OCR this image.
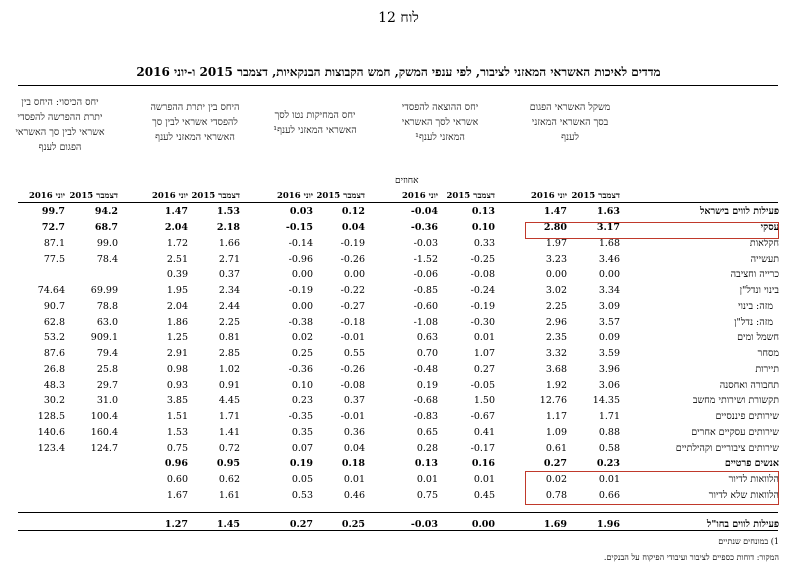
לוח 12
מדדים לאיכות האשראי המאזני לציבור, לפי ענפי המשק, חמש הקבוצות הבנקאיות, דצמבר 2015 ו-יוני 2016
משקל האשראי הפגום
בסך האשראי המאזני
לענף
יחס ההוצאה להפסדי
אשראי לסך האשראי
המאזני לענף¹
יחס המחיקות נטו לסך
האשראי המאזני לענף¹
היחס בין יתרת ההפרשה
להפסדי אשראי לבין סך
האשראי המאזני לענף
יחס הכיסוי: היחס בין
יתרת ההפרשה להפסדי
אשראי לבין סך האשראי
הפגום לענף
אחוזים
דצמבר 2015
יוני 2016
דצמבר 2015
יוני 2016
דצמבר 2015
יוני 2016
דצמבר 2015
יוני 2016
דצמבר 2015
יוני 2016
פעילות לווים בישראל
1.63
1.47
0.13
-0.04
0.12
0.03
1.53
1.47
94.2
99.7
עסקי
3.17
2.80
0.10
-0.36
0.04
-0.15
2.18
2.04
68.7
72.7
חקלאות
1.68
1.97
0.33
-0.03
-0.19
-0.14
1.66
1.72
99.0
87.1
תעשייה
3.46
3.23
-0.25
-1.52
-0.26
-0.96
2.71
2.51
78.4
77.5
כרייה וחציבה
0.00
0.00
-0.08
-0.06
0.00
0.00
0.37
0.39
בינוי ונדל"ן
3.34
3.02
-0.24
-0.85
-0.22
-0.19
2.34
1.95
69.99
74.64
מזה: בינוי
3.09
2.25
-0.19
-0.60
-0.27
0.00
2.44
2.04
78.8
90.7
מזה: נדל"ן
3.57
2.96
-0.30
-1.08
-0.18
-0.38
2.25
1.86
63.0
62.8
חשמל ומים
0.09
2.35
0.01
0.63
-0.01
0.02
0.81
1.25
909.1
53.2
מסחר
3.59
3.32
1.07
0.70
0.55
0.25
2.85
2.91
79.4
87.6
תיירות
3.96
3.68
0.27
-0.48
-0.26
-0.36
1.02
0.98
25.8
26.8
תחבורה ואחסנה
3.06
1.92
-0.05
0.19
-0.08
0.10
0.91
0.93
29.7
48.3
תקשורת ושירותי מחשב
14.35
12.76
1.50
-0.68
0.37
0.23
4.45
3.85
31.0
30.2
שירותים פיננסיים
1.71
1.17
-0.67
-0.83
-0.01
-0.35
1.71
1.51
100.4
128.5
שירותים עסקיים אחרים
0.88
1.09
0.41
0.65
0.36
0.35
1.41
1.53
160.4
140.6
שירותים ציבוריים וקהילתיים
0.58
0.61
-0.17
0.28
0.04
0.07
0.72
0.75
124.7
123.4
אנשים פרטיים
0.23
0.27
0.16
0.13
0.18
0.19
0.95
0.96
הלוואות לדיור
0.01
0.02
0.01
0.01
0.01
0.05
0.62
0.60
הלוואות שלא לדיור
0.66
0.78
0.45
0.75
0.46
0.53
1.61
1.67
פעילות לווים בחו"ל
1.96
1.69
0.00
-0.03
0.25
0.27
1.45
1.27
1) במונחים שנתיים
המקור: דוחות כספיים לציבור ועיבודי הפיקוח על הבנקים.
